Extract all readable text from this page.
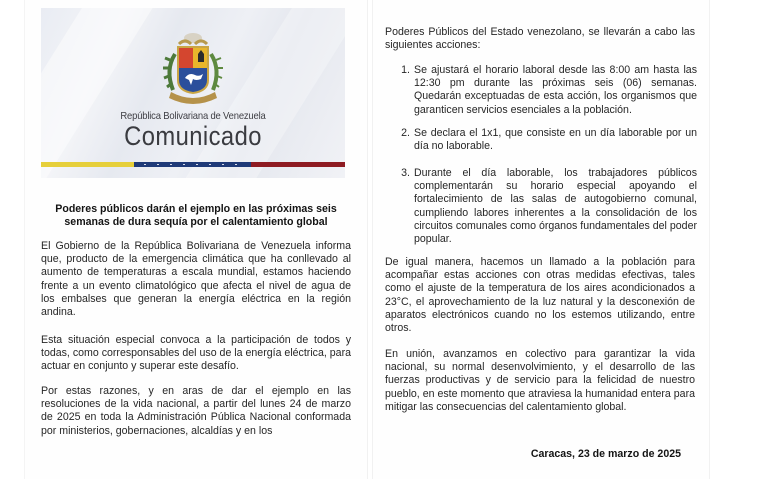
República Bolivariana de Venezuela
Comunicado
Poderes públicos darán el ejemplo en las próximas seis semanas de dura sequía por el calentamiento global

El Gobierno de la República Bolivariana de Venezuela informa que, producto de la emergencia climática que ha conllevado al aumento de temperaturas a escala mundial, estamos haciendo frente a un evento climatológico que afecta el nivel de agua de los embalses que generan la energía eléctrica en la región andina.

Esta situación especial convoca a la participación de todos y todas, como corresponsables del uso de la energía eléctrica, para actuar en conjunto y superar este desafío.

Por estas razones, y en aras de dar el ejemplo en las resoluciones de la vida nacional, a partir del lunes 24 de marzo de 2025 en toda la Administración Pública Nacional conformada por ministerios, gobernaciones, alcaldías y en los

Poderes Públicos del Estado venezolano, se llevarán a cabo las siguientes acciones:

1. Se ajustará el horario laboral desde las 8:00 am hasta las 12:30 pm durante las próximas seis (06) semanas. Quedarán exceptuadas de esta acción, los organismos que garanticen servicios esenciales a la población.
2. Se declara el 1x1, que consiste en un día laborable por un día no laborable.
3. Durante el día laborable, los trabajadores públicos complementarán su horario especial apoyando el fortalecimiento de las salas de autogobierno comunal, cumpliendo labores inherentes a la consolidación de los circuitos comunales como órganos fundamentales del poder popular.

De igual manera, hacemos un llamado a la población para acompañar estas acciones con otras medidas efectivas, tales como el ajuste de la temperatura de los aires acondicionados a 23°C, el aprovechamiento de la luz natural y la desconexión de aparatos electrónicos cuando no los estemos utilizando, entre otros.

En unión, avanzamos en colectivo para garantizar la vida nacional, su normal desenvolvimiento, y el desarrollo de las fuerzas productivas y de servicio para la felicidad de nuestro pueblo, en este momento que atraviesa la humanidad entera para mitigar las consecuencias del calentamiento global.

Caracas, 23 de marzo de 2025
